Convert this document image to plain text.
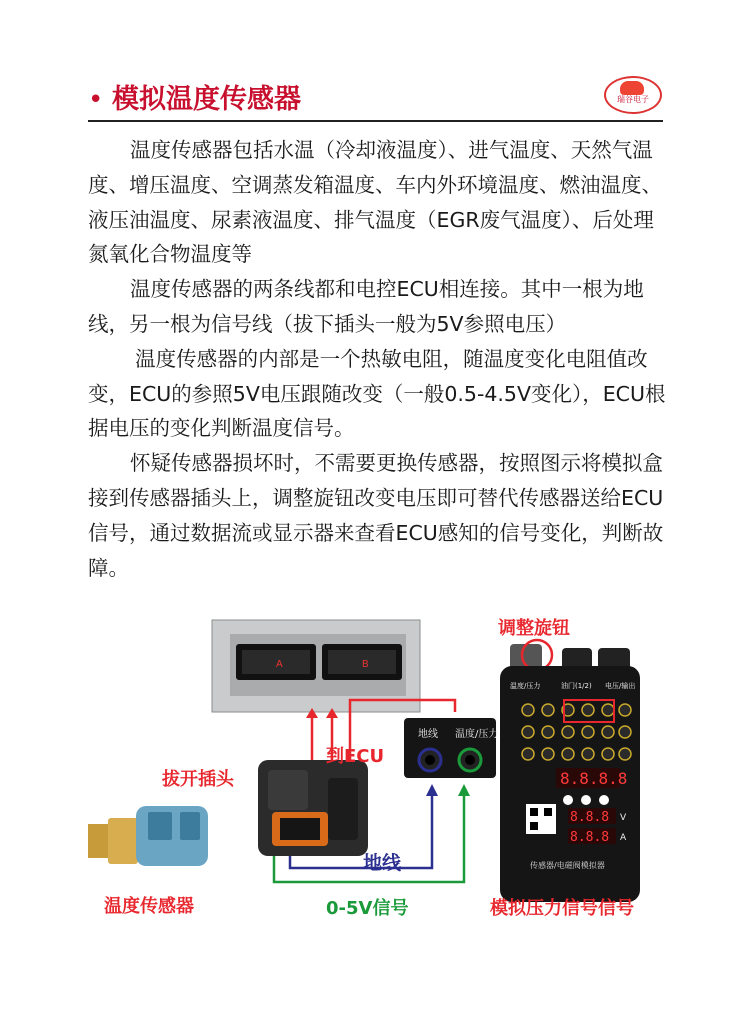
• 模拟温度传感器	瑞谷电子

温度传感器包括水温（冷却液温度）、进气温度、天然气温度、增压温度、空调蒸发箱温度、车内外环境温度、燃油温度、液压油温度、尿素液温度、排气温度（EGR废气温度）、后处理氮氧化合物温度等

温度传感器的两条线都和电控ECU相连接。其中一根为地线，另一根为信号线（拔下插头一般为5V参照电压）

温度传感器的内部是一个热敏电阻，随温度变化电阻值改变，ECU的参照5V电压跟随改变（一般0.5-4.5V变化），ECU根据电压的变化判断温度信号。

怀疑传感器损坏时，不需要更换传感器，按照图示将模拟盒接到传感器插头上，调整旋钮改变电压即可替代传感器送给ECU信号，通过数据流或显示器来查看ECU感知的信号变化，判断故障。

A	B
地线 温度/压力
温度/压力	油门(1/2) 电压/输出
8.8.8.8
8.8.8 V
8.8.8 A
传感器/电磁阀模拟器
调整旋钮
到ECU
拔开插头
地线
温度传感器	0-5V信号	模拟压力信号信号
